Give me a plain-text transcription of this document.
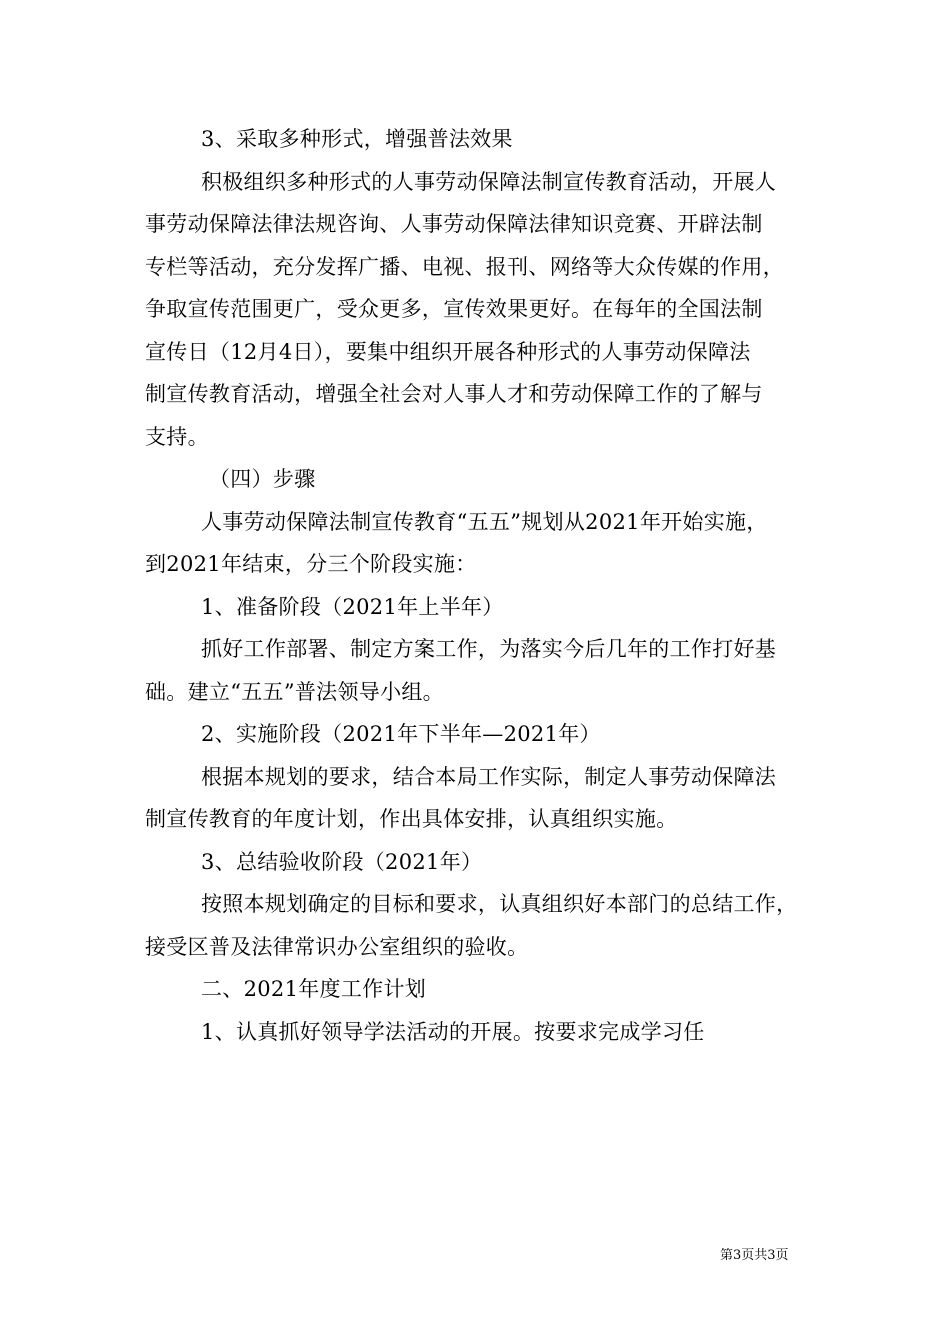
3、采取多种形式，增强普法效果
积极组织多种形式的人事劳动保障法制宣传教育活动，开展人
事劳动保障法律法规咨询、人事劳动保障法律知识竞赛、开辟法制
专栏等活动，充分发挥广播、电视、报刊、网络等大众传媒的作用，
争取宣传范围更广，受众更多，宣传效果更好。在每年的全国法制
宣传日（12月4日），要集中组织开展各种形式的人事劳动保障法
制宣传教育活动，增强全社会对人事人才和劳动保障工作的了解与
支持。
（四）步骤
人事劳动保障法制宣传教育“五五”规划从2021年开始实施，
到2021年结束，分三个阶段实施：
1、准备阶段（2021年上半年）
抓好工作部署、制定方案工作，为落实今后几年的工作打好基
础。建立“五五”普法领导小组。
2、实施阶段（2021年下半年—2021年）
根据本规划的要求，结合本局工作实际，制定人事劳动保障法
制宣传教育的年度计划，作出具体安排，认真组织实施。
3、总结验收阶段（2021年）
按照本规划确定的目标和要求，认真组织好本部门的总结工作，
接受区普及法律常识办公室组织的验收。
二、2021年度工作计划
1、认真抓好领导学法活动的开展。按要求完成学习任
第3页共3页
